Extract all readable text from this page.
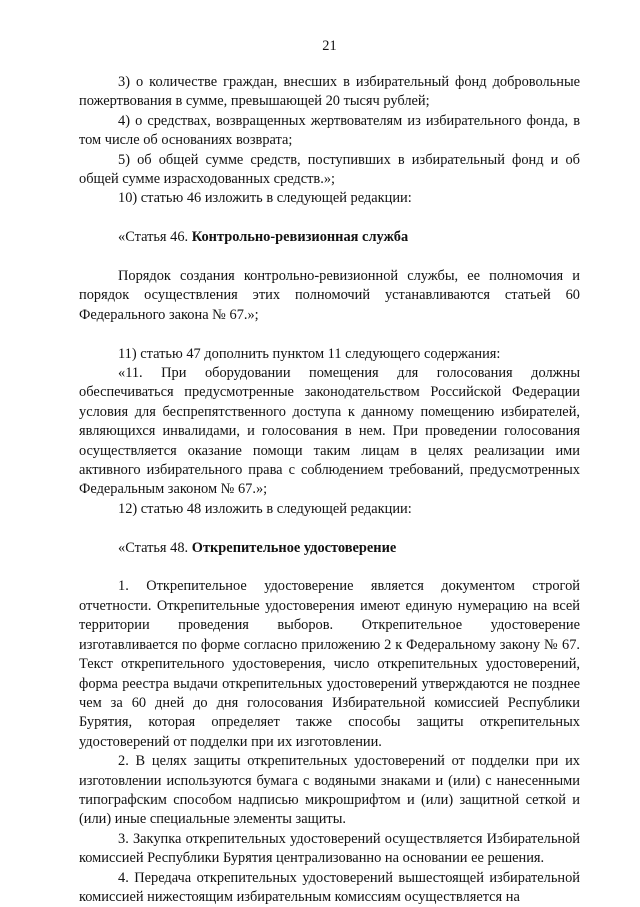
21

3) о количестве граждан, внесших в избирательный фонд добровольные пожертвования в сумме, превышающей 20 тысяч рублей;

4) о средствах, возвращенных жертвователям из избирательного фонда, в том числе об основаниях возврата;

5) об общей сумме средств, поступивших в избирательный фонд и об общей сумме израсходованных средств.»;

10) статью 46 изложить в следующей редакции:

«Статья 46. Контрольно-ревизионная служба

Порядок создания контрольно-ревизионной службы, ее полномочия и порядок осуществления этих полномочий устанавливаются статьей 60 Федерального закона № 67.»;

11) статью 47 дополнить пунктом 11 следующего содержания:

«11. При оборудовании помещения для голосования должны обеспечиваться предусмотренные законодательством Российской Федерации условия для беспрепятственного доступа к данному помещению избирателей, являющихся инвалидами, и голосования в нем. При проведении голосования осуществляется оказание помощи таким лицам в целях реализации ими активного избирательного права с соблюдением требований, предусмотренных Федеральным законом № 67.»;

12) статью 48 изложить в следующей редакции:

«Статья 48. Открепительное удостоверение

1. Открепительное удостоверение является документом строгой отчетности. Открепительные удостоверения имеют единую нумерацию на всей территории проведения выборов. Открепительное удостоверение изготавливается по форме согласно приложению 2 к Федеральному закону № 67. Текст открепительного удостоверения, число открепительных удостоверений, форма реестра выдачи открепительных удостоверений утверждаются не позднее чем за 60 дней до дня голосования Избирательной комиссией Республики Бурятия, которая определяет также способы защиты открепительных удостоверений от подделки при их изготовлении.

2. В целях защиты открепительных удостоверений от подделки при их изготовлении используются бумага с водяными знаками и (или) с нанесенными типографским способом надписью микрошрифтом и (или) защитной сеткой и (или) иные специальные элементы защиты.

3. Закупка открепительных удостоверений осуществляется Избирательной комиссией Республики Бурятия централизованно на основании ее решения.

4. Передача открепительных удостоверений вышестоящей избирательной комиссией нижестоящим избирательным комиссиям осуществляется на
